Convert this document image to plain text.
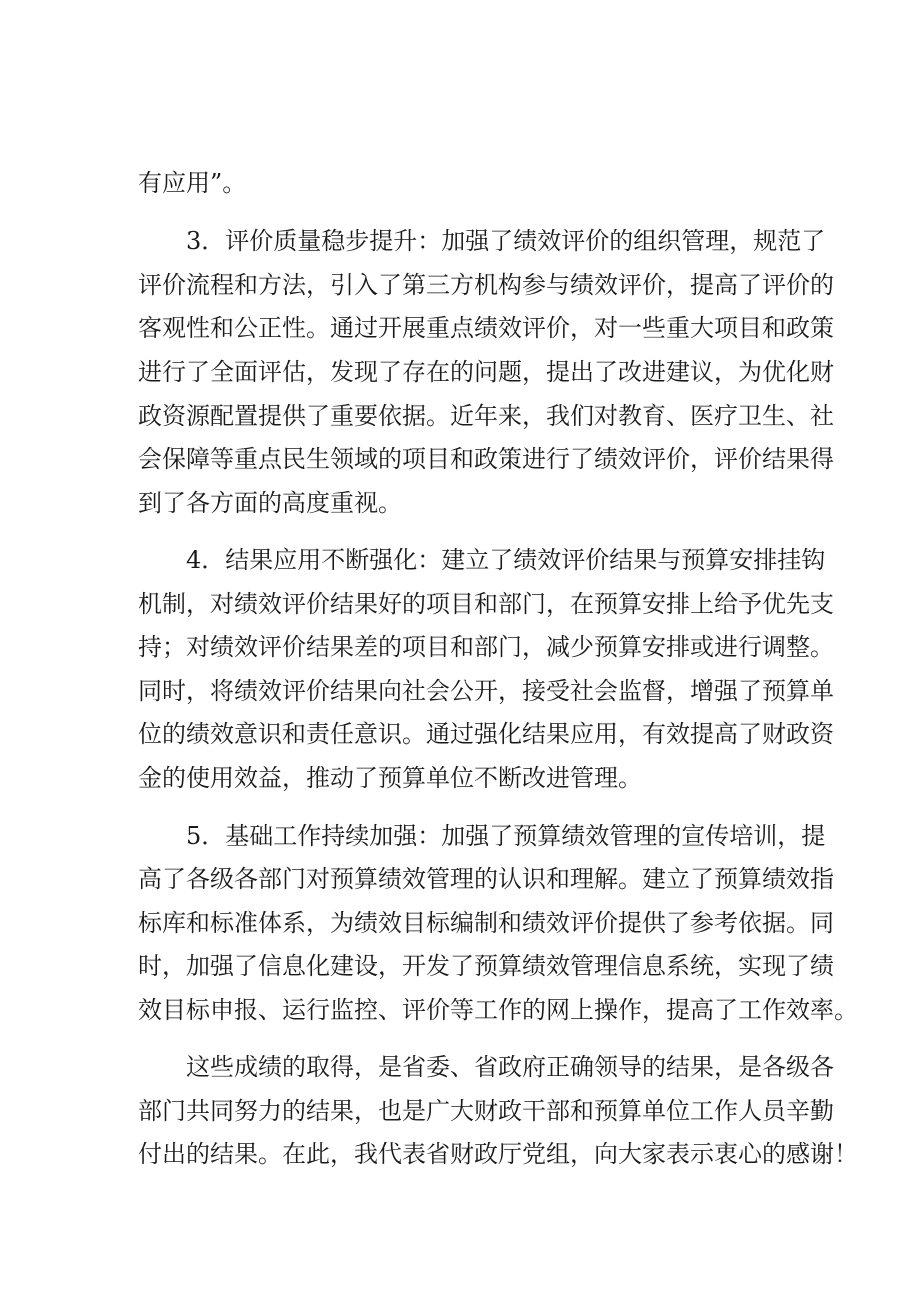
有应用”。
3．评价质量稳步提升：加强了绩效评价的组织管理，规范了
评价流程和方法，引入了第三方机构参与绩效评价，提高了评价的
客观性和公正性。通过开展重点绩效评价，对一些重大项目和政策
进行了全面评估，发现了存在的问题，提出了改进建议，为优化财
政资源配置提供了重要依据。近年来，我们对教育、医疗卫生、社
会保障等重点民生领域的项目和政策进行了绩效评价，评价结果得
到了各方面的高度重视。
4．结果应用不断强化：建立了绩效评价结果与预算安排挂钩
机制，对绩效评价结果好的项目和部门，在预算安排上给予优先支
持；对绩效评价结果差的项目和部门，减少预算安排或进行调整。
同时，将绩效评价结果向社会公开，接受社会监督，增强了预算单
位的绩效意识和责任意识。通过强化结果应用，有效提高了财政资
金的使用效益，推动了预算单位不断改进管理。
5．基础工作持续加强：加强了预算绩效管理的宣传培训，提
高了各级各部门对预算绩效管理的认识和理解。建立了预算绩效指
标库和标准体系，为绩效目标编制和绩效评价提供了参考依据。同
时，加强了信息化建设，开发了预算绩效管理信息系统，实现了绩
效目标申报、运行监控、评价等工作的网上操作，提高了工作效率。
这些成绩的取得，是省委、省政府正确领导的结果，是各级各
部门共同努力的结果，也是广大财政干部和预算单位工作人员辛勤
付出的结果。在此，我代表省财政厅党组，向大家表示衷心的感谢！
